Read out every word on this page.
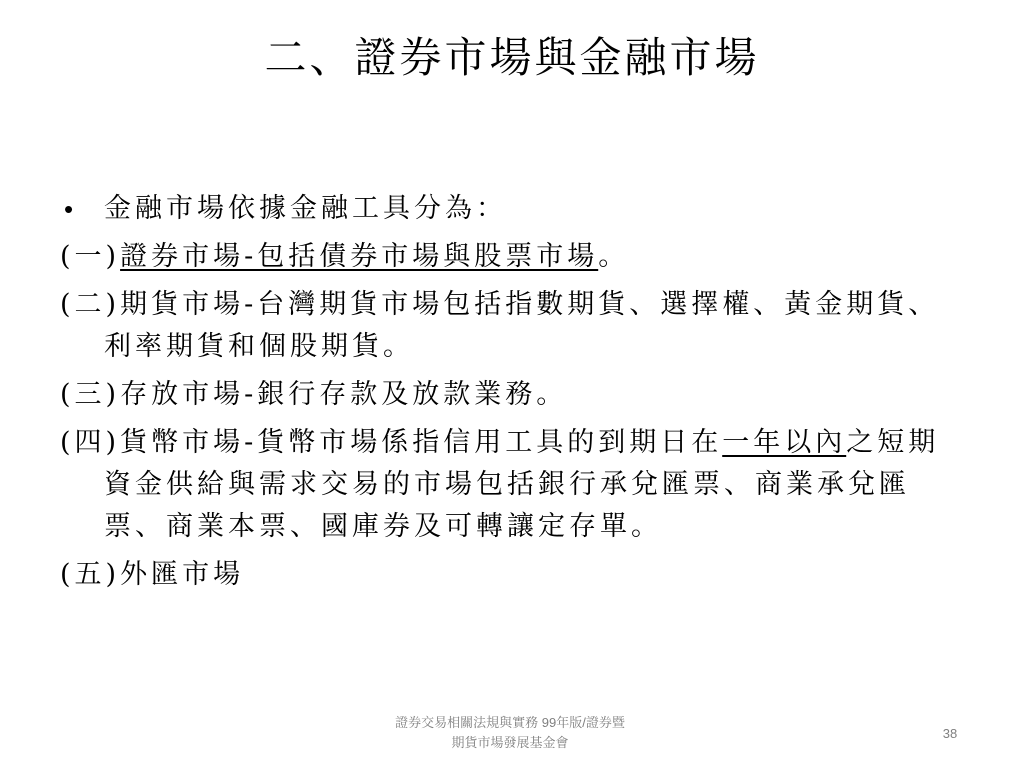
二、證券市場與金融市場
• 金融市場依據金融工具分為：
(一)證券市場-包括債券市場與股票市場。
(二)期貨市場-台灣期貨市場包括指數期貨、選擇權、黃金期貨、利率期貨和個股期貨。
(三)存放市場-銀行存款及放款業務。
(四)貨幣市場-貨幣市場係指信用工具的到期日在一年以內之短期資金供給與需求交易的市場包括銀行承兌匯票、商業承兌匯票、商業本票、國庫券及可轉讓定存單。
(五)外匯市場
證券交易相關法規與實務 99年版/證券暨
期貨市場發展基金會
38
